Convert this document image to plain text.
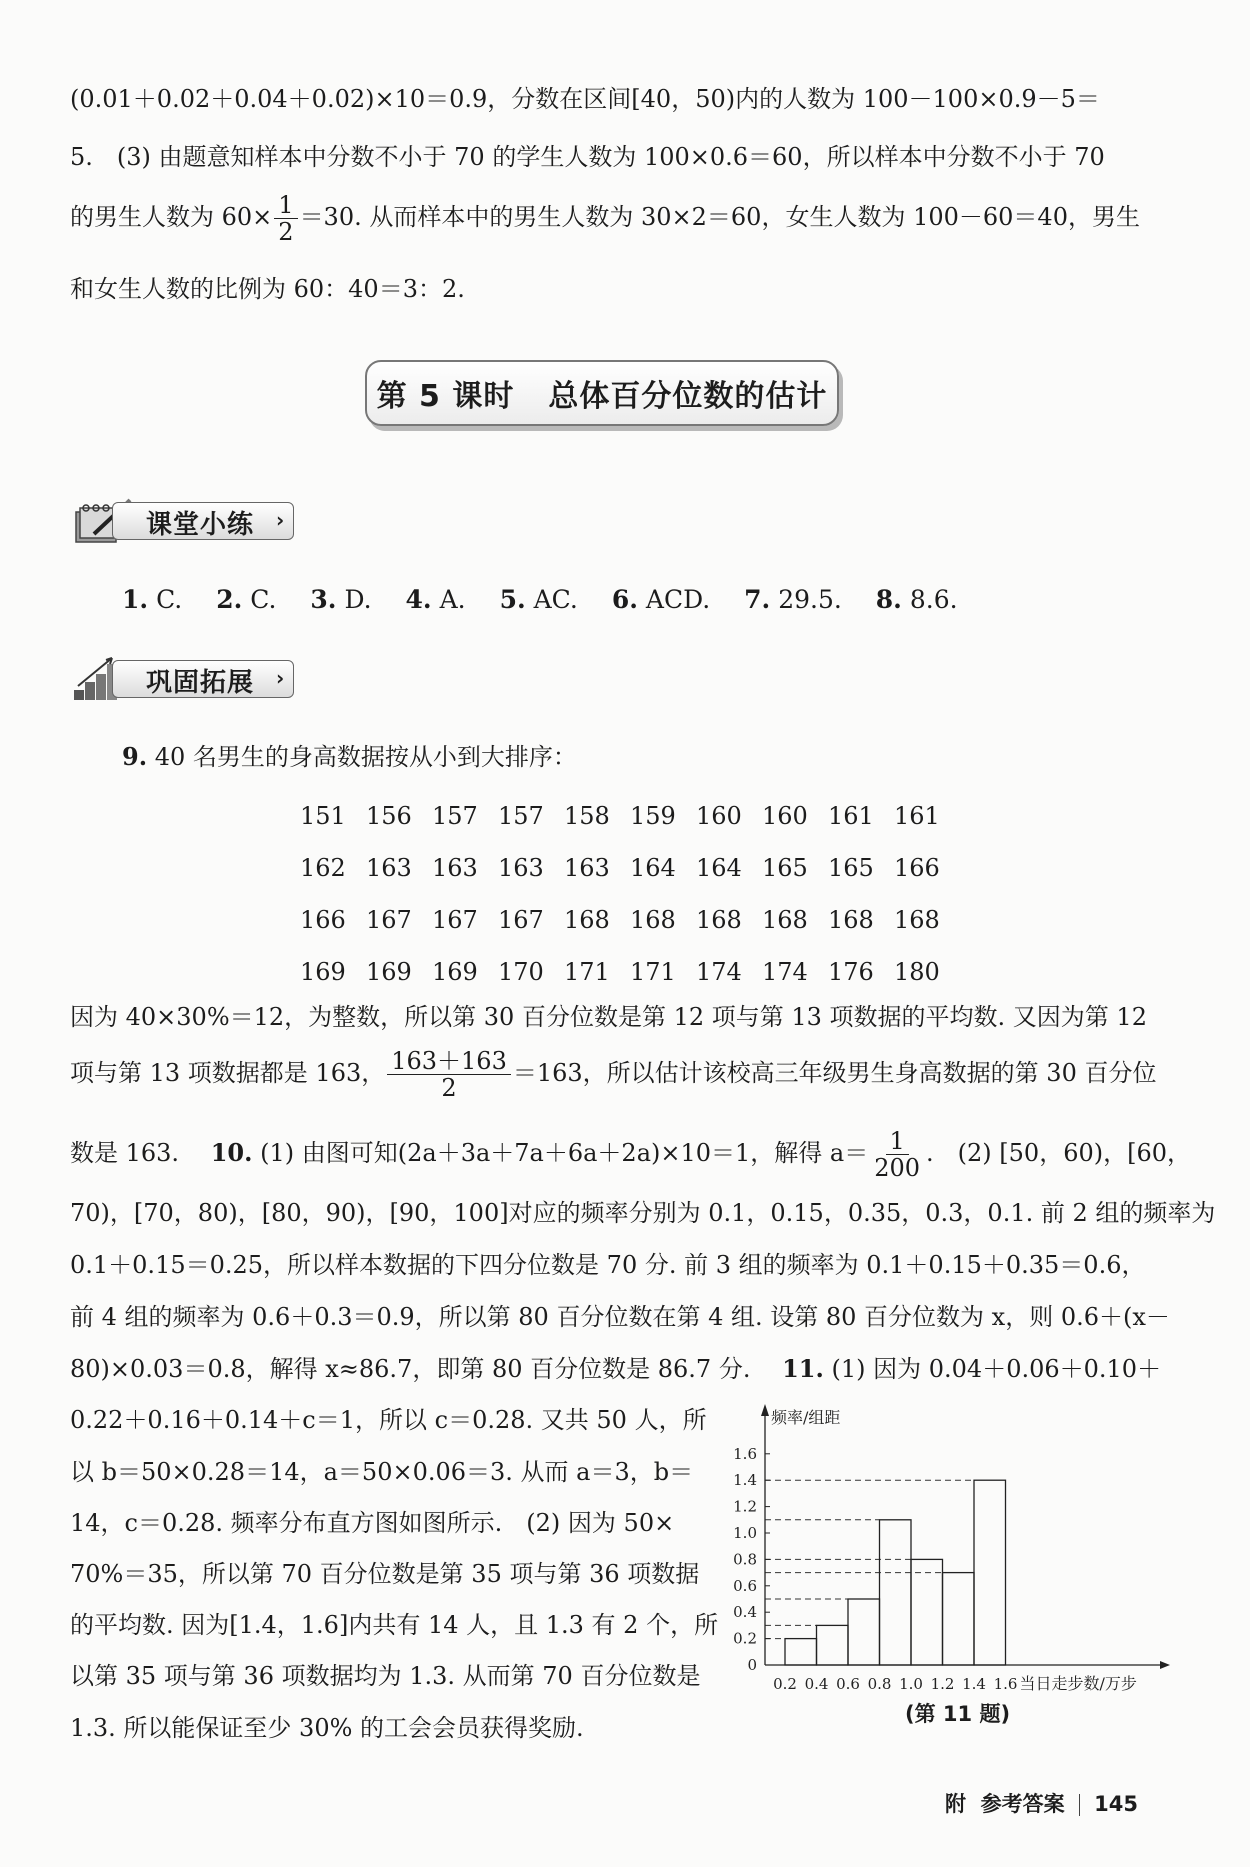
(0.01＋0.02＋0.04＋0.02)×10＝0.9，分数在区间[40，50)内的人数为 100－100×0.9－5＝
5.　(3) 由题意知样本中分数不小于 70 的学生人数为 100×0.6＝60，所以样本中分数不小于 70
的男生人数为 $60\times \frac{1}{2} =30$. 从而样本中的男生人数为 30×2＝60，女生人数为 100－60＝40，男生
和女生人数的比例为 60：40＝3：2.
第 5 课时 总体百分位数的估计
课堂小练 ›
1. C. 2. C. 3. D. 4. A. 5. AC. 6. ACD. 7. 29.5. 8. 8.6.
巩固拓展 ›
9. 40 名男生的身高数据按从小到大排序：
151	156	157	157	158	159	160	160	161	161
162	163	163	163	163	164	164	165	165	166
166	167	167	167	168	168	168	168	168	168
169	169	169	170	171	171	174	174	176	180
因为 40×30%＝12，为整数，所以第 30 百分位数是第 12 项与第 13 项数据的平均数. 又因为第 12
项与第 13 项数据都是 163， $\frac{163+163}{2} =163$，所以估计该校高三年级男生身高数据的第 30 百分位
数是 163.　 10. (1) 由图可知(2a＋3a＋7a＋6a＋2a)×10＝1，解得 $a= \frac{1}{200}$ .　(2) [50，60)，[60，
70)，[70，80)，[80，90)，[90，100]对应的频率分别为 0.1，0.15，0.35，0.3，0.1. 前 2 组的频率为
0.1＋0.15＝0.25，所以样本数据的下四分位数是 70 分. 前 3 组的频率为 0.1＋0.15＋0.35＝0.6，
前 4 组的频率为 0.6＋0.3＝0.9，所以第 80 百分位数在第 4 组. 设第 80 百分位数为 x，则 0.6＋(x－
80)×0.03＝0.8，解得 x≈86.7，即第 80 百分位数是 86.7 分.　 11. (1) 因为 0.04＋0.06＋0.10＋
0.22＋0.16＋0.14＋c＝1，所以 c＝0.28. 又共 50 人，所
以 b＝50×0.28＝14，a＝50×0.06＝3. 从而 a＝3，b＝
14，c＝0.28. 频率分布直方图如图所示.　(2) 因为 50×
70%＝35，所以第 70 百分位数是第 35 项与第 36 项数据
的平均数. 因为[1.4，1.6]内共有 14 人，且 1.3 有 2 个，所
以第 35 项与第 36 项数据均为 1.3. 从而第 70 百分位数是
1.3. 所以能保证至少 30% 的工会会员获得奖励.
0
0.2
0.4
0.6
0.8
1.0
1.2
1.4
1.6
0.2 0.4 0.6 0.8 1.0 1.2 1.4 1.6
频率/组距
当日走步数/万步
(第 11 题)
附 参考答案 145
